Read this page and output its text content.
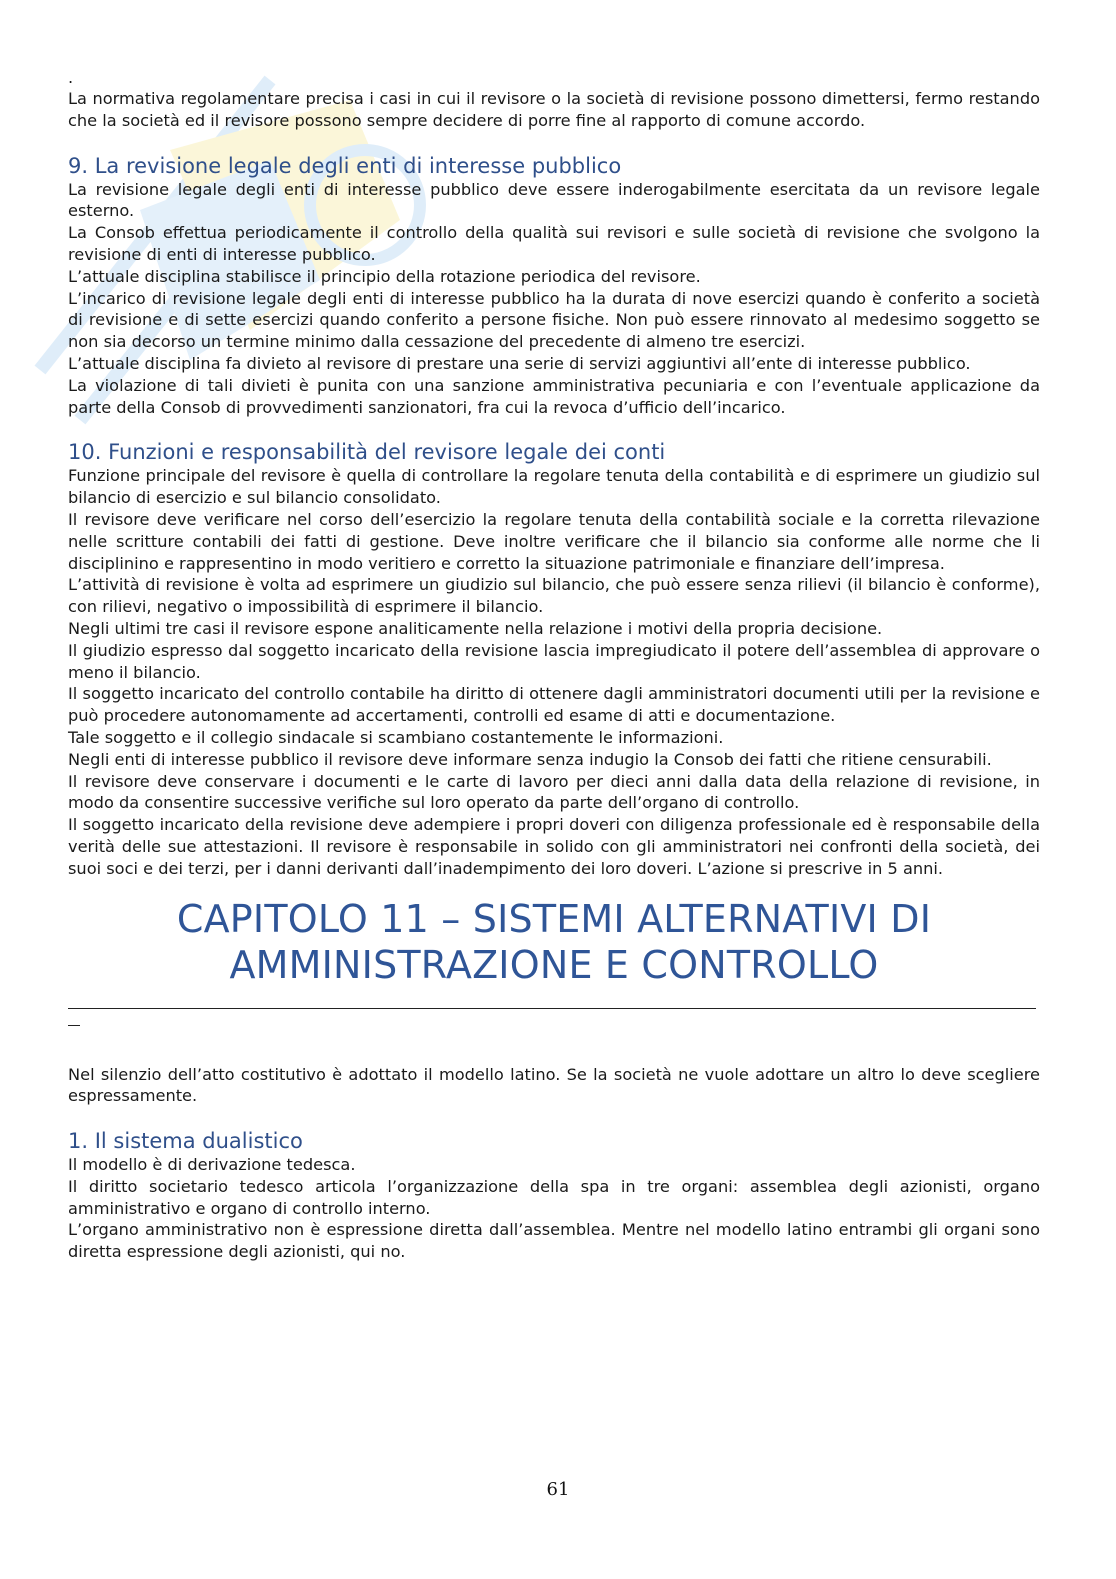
.

La normativa regolamentare precisa i casi in cui il revisore o la società di revisione possono dimettersi, fermo restando che la società ed il revisore possono sempre decidere di porre fine al rapporto di comune accordo.

9. La revisione legale degli enti di interesse pubblico

La revisione legale degli enti di interesse pubblico deve essere inderogabilmente esercitata da un revisore legale esterno.

La Consob effettua periodicamente il controllo della qualità sui revisori e sulle società di revisione che svolgono la revisione di enti di interesse pubblico.

L’attuale disciplina stabilisce il principio della rotazione periodica del revisore.

L’incarico di revisione legale degli enti di interesse pubblico ha la durata di nove esercizi quando è conferito a società di revisione e di sette esercizi quando conferito a persone fisiche. Non può essere rinnovato al medesimo soggetto se non sia decorso un termine minimo dalla cessazione del precedente di almeno tre esercizi.

L’attuale disciplina fa divieto al revisore di prestare una serie di servizi aggiuntivi all’ente di interesse pubblico.

La violazione di tali divieti è punita con una sanzione amministrativa pecuniaria e con l’eventuale applicazione da parte della Consob di provvedimenti sanzionatori, fra cui la revoca d’ufficio dell’incarico.

10. Funzioni e responsabilità del revisore legale dei conti

Funzione principale del revisore è quella di controllare la regolare tenuta della contabilità e di esprimere un giudizio sul bilancio di esercizio e sul bilancio consolidato.

Il revisore deve verificare nel corso dell’esercizio la regolare tenuta della contabilità sociale e la corretta rilevazione nelle scritture contabili dei fatti di gestione. Deve inoltre verificare che il bilancio sia conforme alle norme che li disciplinino e rappresentino in modo veritiero e corretto la situazione patrimoniale e finanziare dell’impresa.

L’attività di revisione è volta ad esprimere un giudizio sul bilancio, che può essere senza rilievi (il bilancio è conforme), con rilievi, negativo o impossibilità di esprimere il bilancio.

Negli ultimi tre casi il revisore espone analiticamente nella relazione i motivi della propria decisione.

Il giudizio espresso dal soggetto incaricato della revisione lascia impregiudicato il potere dell’assemblea di approvare o meno il bilancio.

Il soggetto incaricato del controllo contabile ha diritto di ottenere dagli amministratori documenti utili per la revisione e può procedere autonomamente ad accertamenti, controlli ed esame di atti e documentazione.

Tale soggetto e il collegio sindacale si scambiano costantemente le informazioni.

Negli enti di interesse pubblico il revisore deve informare senza indugio la Consob dei fatti che ritiene censurabili.

Il revisore deve conservare i documenti e le carte di lavoro per dieci anni dalla data della relazione di revisione, in modo da consentire successive verifiche sul loro operato da parte dell’organo di controllo.

Il soggetto incaricato della revisione deve adempiere i propri doveri con diligenza professionale ed è responsabile della verità delle sue attestazioni. Il revisore è responsabile in solido con gli amministratori nei confronti della società, dei suoi soci e dei terzi, per i danni derivanti dall’inadempimento dei loro doveri. L’azione si prescrive in 5 anni.

CAPITOLO 11 – SISTEMI ALTERNATIVI DI
AMMINISTRAZIONE E CONTROLLO

Nel silenzio dell’atto costitutivo è adottato il modello latino. Se la società ne vuole adottare un altro lo deve scegliere espressamente.

1. Il sistema dualistico

Il modello è di derivazione tedesca.

Il diritto societario tedesco articola l’organizzazione della spa in tre organi: assemblea degli azionisti, organo amministrativo e organo di controllo interno.

L’organo amministrativo non è espressione diretta dall’assemblea. Mentre nel modello latino entrambi gli organi sono diretta espressione degli azionisti, qui no.

61
